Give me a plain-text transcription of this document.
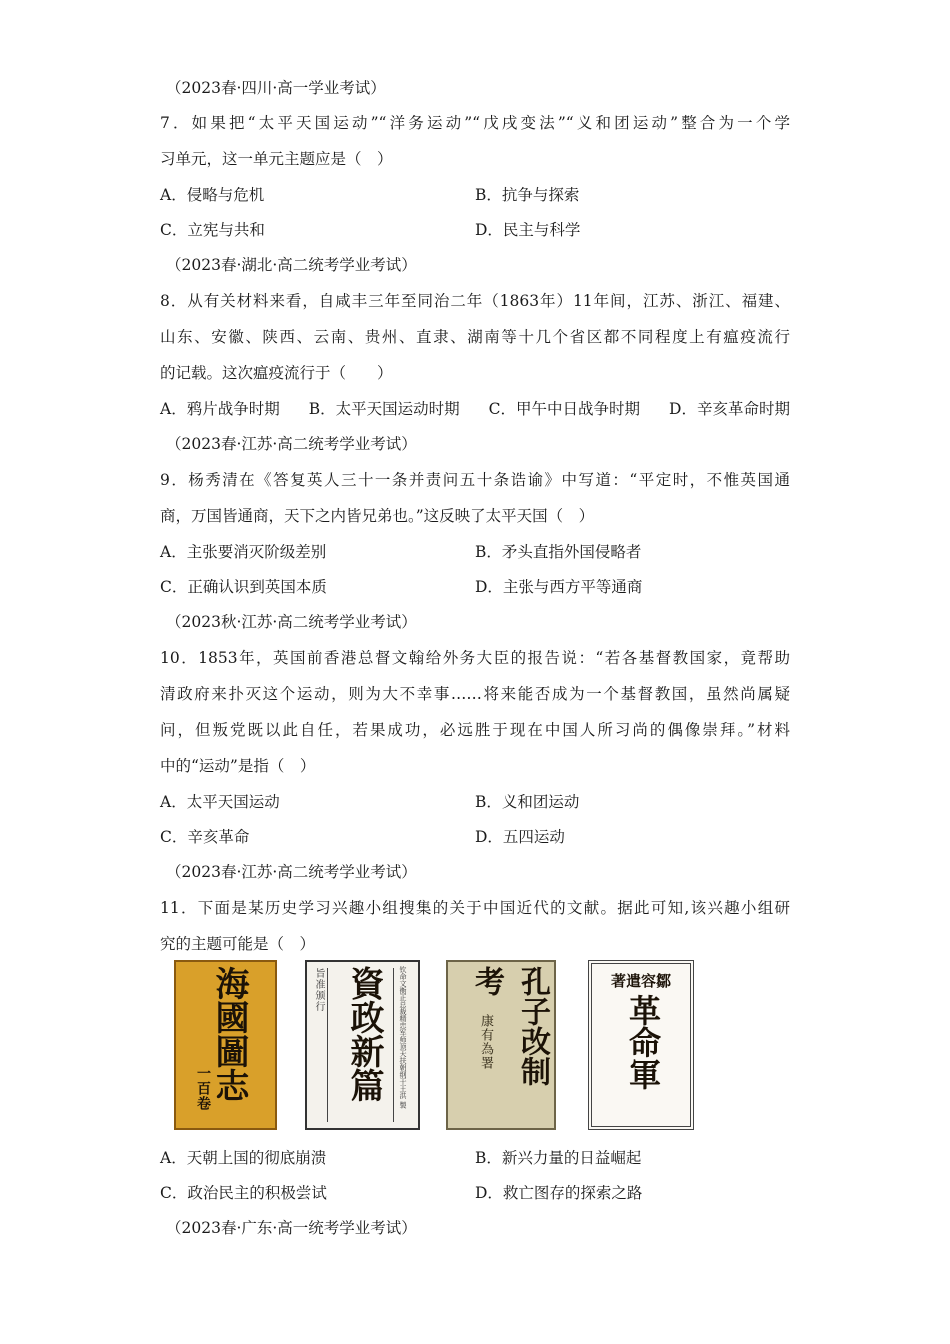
（2023春·四川·高一学业考试）
7．如果把“太平天国运动”“洋务运动”“戊戌变法”“义和团运动”整合为一个学
习单元，这一单元主题应是（　）
A．侵略与危机	B．抗争与探索
C．立宪与共和	D．民主与科学
（2023春·湖北·高二统考学业考试）
8．从有关材料来看，自咸丰三年至同治二年（1863年）11年间，江苏、浙江、福建、
山东、安徽、陕西、云南、贵州、直隶、湖南等十几个省区都不同程度上有瘟疫流行
的记载。这次瘟疫流行于（　　）
A．鸦片战争时期 B．太平天国运动时期 C．甲午中日战争时期 D．辛亥革命时期
（2023春·江苏·高二统考学业考试）
9．杨秀清在《答复英人三十一条并责问五十条诰谕》中写道：“平定时，不惟英国通
商，万国皆通商，天下之内皆兄弟也。”这反映了太平天国（　）
A．主张要消灭阶级差别	B．矛头直指外国侵略者
C．正确认识到英国本质	D．主张与西方平等通商
（2023秋·江苏·高二统考学业考试）
10．1853年，英国前香港总督文翰给外务大臣的报告说：“若各基督教国家，竟帮助
清政府来扑灭这个运动，则为大不幸事……将来能否成为一个基督教国，虽然尚属疑
问，但叛党既以此自任，若果成功，必远胜于现在中国人所习尚的偶像崇拜。”材料
中的“运动”是指（　）
A．太平天国运动	B．义和团运动
C．辛亥革命	D．五四运动
（2023春·江苏·高二统考学业考试）
11．下面是某历史学习兴趣小组搜集的关于中国近代的文献。据此可知,该兴趣小组研
究的主题可能是（　）
海國圖志
一百卷
旨准颁行 資政新篇 钦命文衡正总裁精忠军师顶天扶朝纲干王洪 製	孔子改制
考
康有為署
著遣容鄒
革命軍
A．天朝上国的彻底崩溃	B．新兴力量的日益崛起
C．政治民主的积极尝试	D．救亡图存的探索之路
（2023春·广东·高一统考学业考试）
